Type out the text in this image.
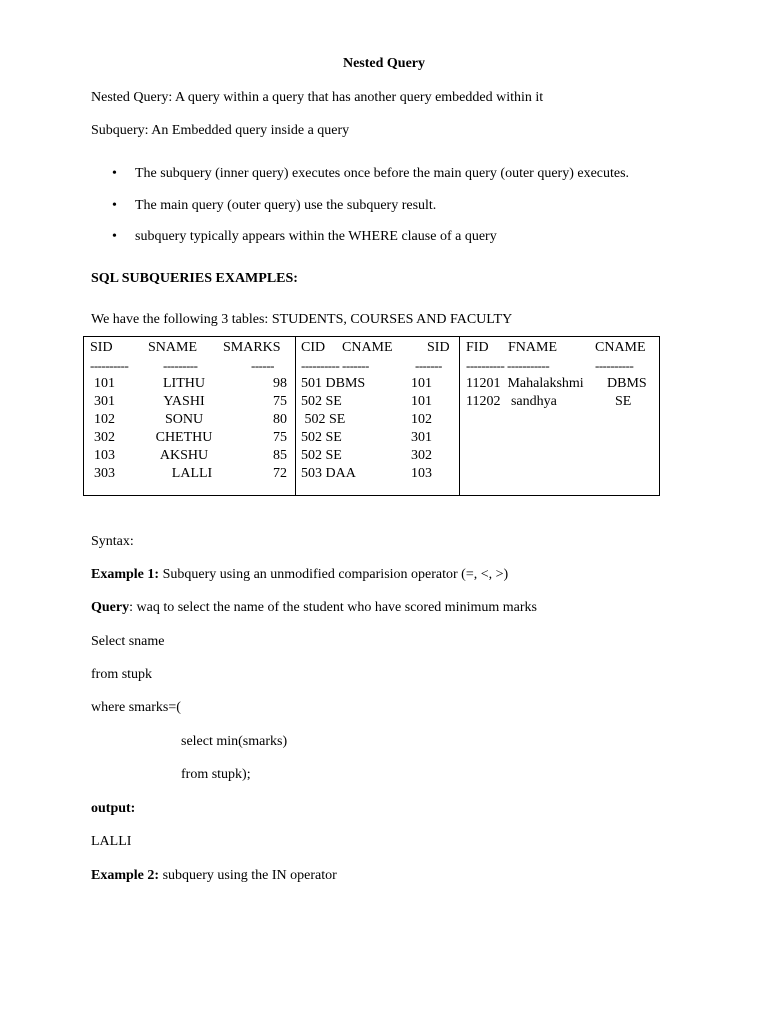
Nested Query
Nested Query: A query within a query that has another query embedded within it
Subquery: An Embedded query inside a query
• The subquery (inner query) executes once before the main query (outer query) executes.
• The main query (outer query) use the subquery result.
• subquery typically appears within the WHERE clause of a query
SQL SUBQUERIES EXAMPLES:
We have the following 3 tables: STUDENTS, COURSES AND FACULTY
SID	SNAME SMARKS
----------	---------	------
101	LITHU	98
301	YASHI	75
102	SONU	80
302	CHETHU	75
103	AKSHU	85
303	LALLI	72
CID CNAME SID
---------- -------	-------
501 DBMS	101
502 SE	101
502 SE	102
502 SE	301
502 SE	302
503 DAA	103
FID FNAME	CNAME
---------- -----------	----------
11201  Mahalakshmi DBMS
11202   sandhya	SE
Syntax:
Example 1: Subquery using an unmodified comparision operator (=, <, >)
Query: waq to select the name of the student who have scored minimum marks
Select sname
from stupk
where smarks=(
select min(smarks)
from stupk);
output:
LALLI
Example 2: subquery using the IN operator
